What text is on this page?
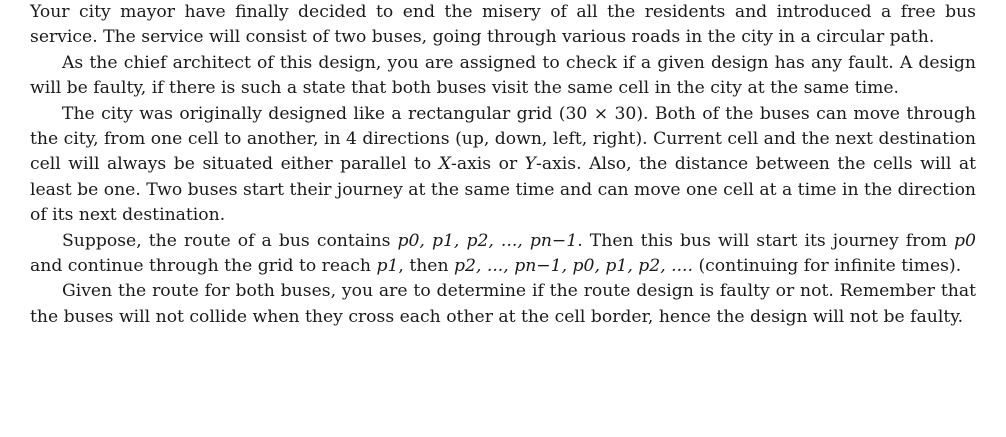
Your city mayor have finally decided to end the misery of all the residents and introduced a free bus service. The service will consist of two buses, going through various roads in the city in a circular path.

As the chief architect of this design, you are assigned to check if a given design has any fault. A design will be faulty, if there is such a state that both buses visit the same cell in the city at the same time.

The city was originally designed like a rectangular grid (30 × 30). Both of the buses can move through the city, from one cell to another, in 4 directions (up, down, left, right). Current cell and the next destination cell will always be situated either parallel to X-axis or Y-axis. Also, the distance between the cells will at least be one. Two buses start their journey at the same time and can move one cell at a time in the direction of its next destination.

Suppose, the route of a bus contains p0, p1, p2, ..., pn−1. Then this bus will start its journey from p0 and continue through the grid to reach p1, then p2, ..., pn−1, p0, p1, p2, .... (continuing for infinite times).

Given the route for both buses, you are to determine if the route design is faulty or not. Remember that the buses will not collide when they cross each other at the cell border, hence the design will not be faulty.
